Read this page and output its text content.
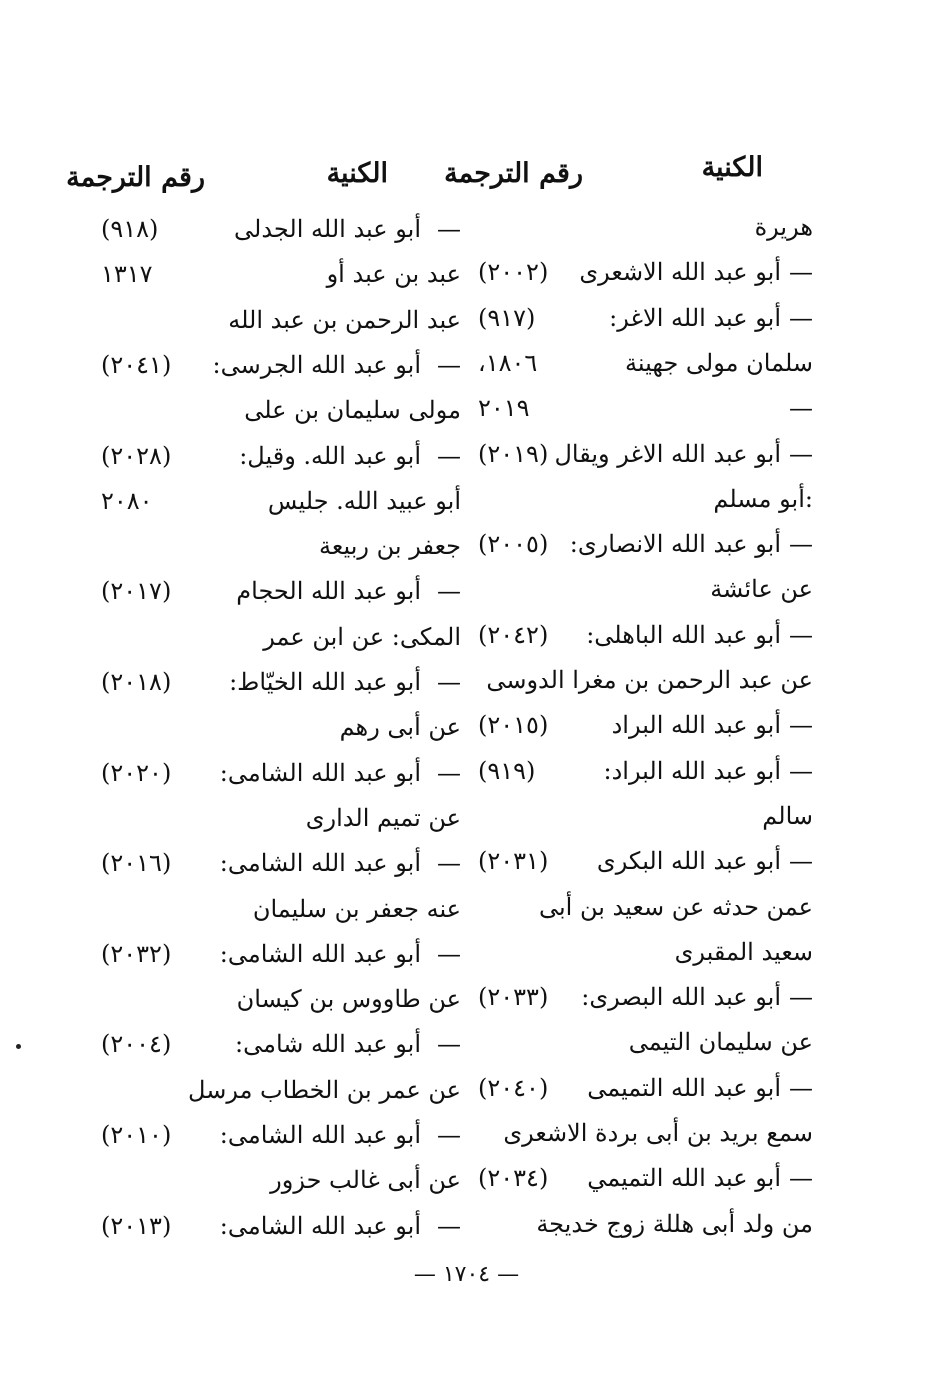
الكنية
رقم الترجمة
الكنية
رقم الترجمة
هريرة
—
أبو عبد الله الاشعرى
(٢٠٠٢)
—
أبو عبد الله الاغر:
(٩١٧)
سلمان مولى جهينة
١٨٠٦،
—
٢٠١٩
—
أبو عبد الله الاغر ويقال
(٢٠١٩)
:أبو مسلم
—
أبو عبد الله الانصارى:
(٢٠٠٥)
عن عائشة
—
أبو عبد الله الباهلى:
(٢٠٤٢)
عن عبد الرحمن بن مغرا الدوسى
—
أبو عبد الله البراد
(٢٠١٥)
—
أبو عبد الله البراد:
(٩١٩)
سالم
—
أبو عبد الله البكرى
(٢٠٣١)
عمن حدثه عن سعيد بن أبى
سعيد المقبرى
—
أبو عبد الله البصرى:
(٢٠٣٣)
عن سليمان التيمى
—
أبو عبد الله التميمى
(٢٠٤٠)
سمع بريد بن أبى بردة الاشعرى
—
أبو عبد الله التميمي
(٢٠٣٤)
من ولد أبى هللة زوج خديجة
—
أبو عبد الله الجدلى
(٩١٨)
عبد بن عبد أو
١٣١٧
عبد الرحمن بن عبد الله
—
أبو عبد الله الجرسى:
(٢٠٤١)
مولى سليمان بن على
—
أبو عبد الله. وقيل:
(٢٠٢٨)
أبو عبيد الله. جليس
٢٠٨٠
جعفر بن ربيعة
—
أبو عبد الله الحجام
(٢٠١٧)
المكى: عن ابن عمر
—
أبو عبد الله الخيّاط:
(٢٠١٨)
عن أبى رهم
—
أبو عبد الله الشامى:
(٢٠٢٠)
عن تميم الدارى
—
أبو عبد الله الشامى:
(٢٠١٦)
عنه جعفر بن سليمان
—
أبو عبد الله الشامى:
(٢٠٣٢)
عن طاووس بن كيسان
—
أبو عبد الله شامى:
(٢٠٠٤)
عن عمر بن الخطاب مرسل
—
أبو عبد الله الشامى:
(٢٠١٠)
عن أبى غالب حزور
—
أبو عبد الله الشامى:
(٢٠١٣)
— ١٧٠٤ —
